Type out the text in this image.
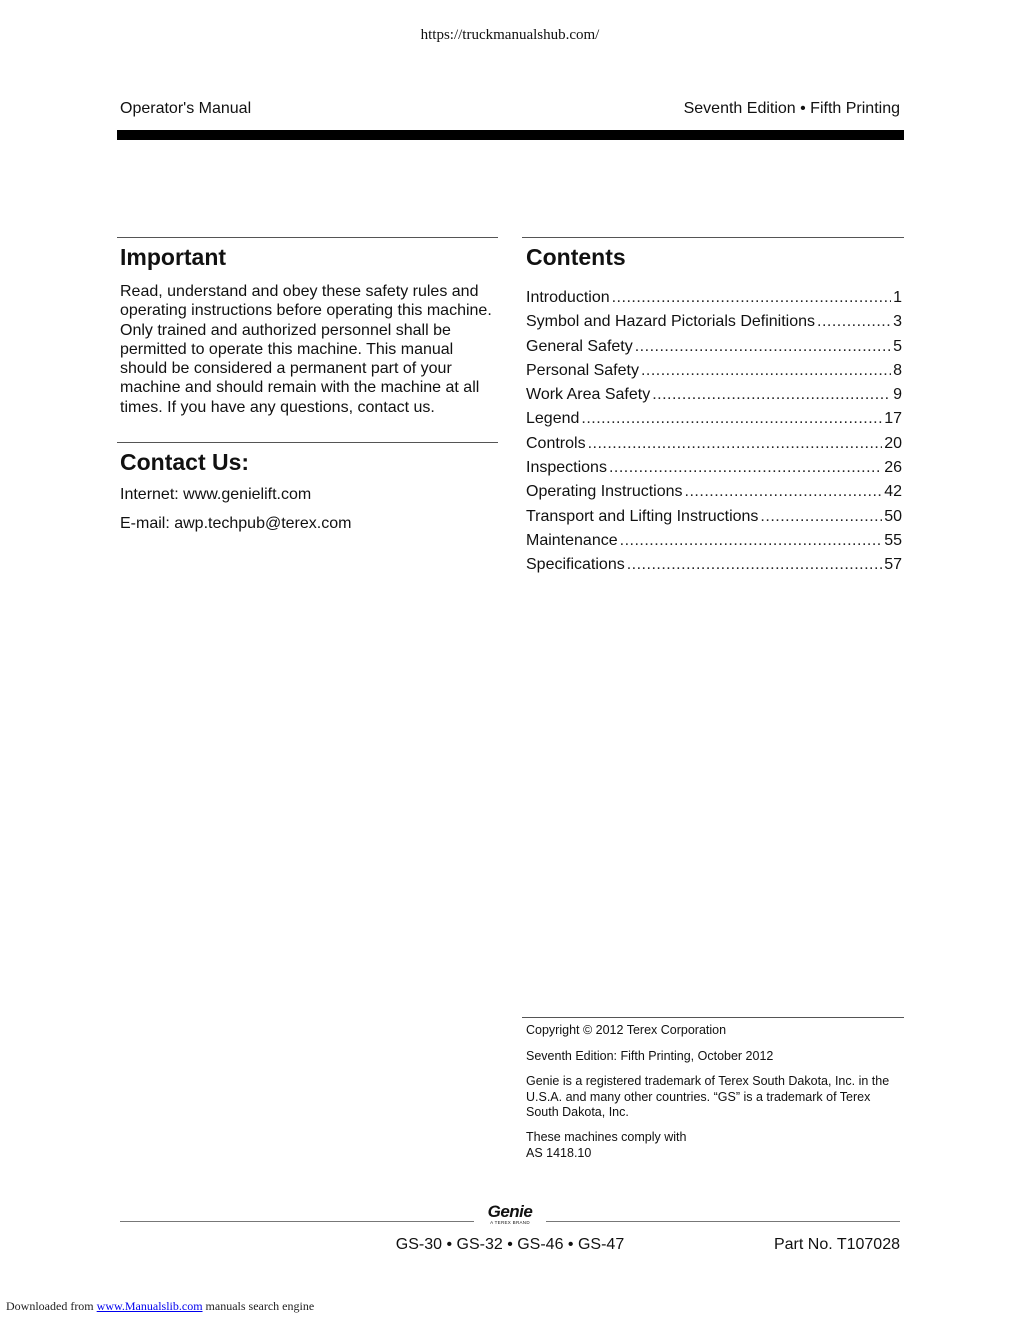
https://truckmanualshub.com/
Operator's Manual	Seventh Edition • Fifth Printing
Important
Read, understand and obey these safety rules and operating instructions before operating this machine. Only trained and authorized personnel shall be permitted to operate this machine. This manual should be considered a permanent part of your machine and should remain with the machine at all times. If you have any questions, contact us.
Contact Us:
Internet: www.genielift.com
E-mail: awp.techpub@terex.com
Contents
Introduction .....	1
Symbol and Hazard Pictorials Definitions .....	3
General Safety .....	5
Personal Safety .....	8
Work Area Safety .....	9
Legend .....	17
Controls .....	20
Inspections .....	26
Operating Instructions .....	42
Transport and Lifting Instructions .....	50
Maintenance .....	55
Specifications .....	57
Copyright © 2012 Terex Corporation
Seventh Edition: Fifth Printing, October 2012
Genie is a registered trademark of Terex South Dakota, Inc. in the U.S.A. and many other countries. “GS” is a trademark of Terex South Dakota, Inc.
These machines comply with
AS 1418.10
Genie
A TEREX BRAND
GS-30 • GS-32 • GS-46 • GS-47	Part No. T107028
Downloaded from www.Manualslib.com manuals search engine
